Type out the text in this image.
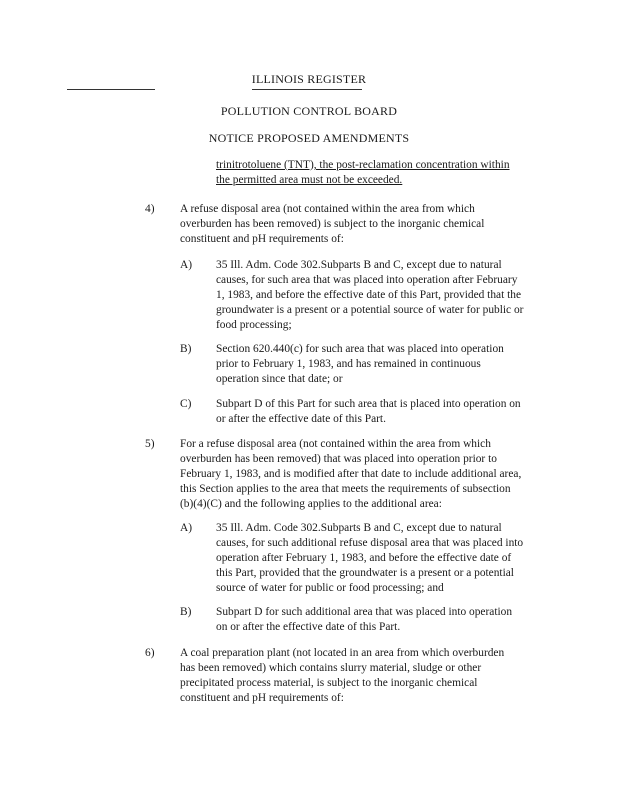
ILLINOIS REGISTER
POLLUTION CONTROL BOARD
NOTICE PROPOSED AMENDMENTS
trinitrotoluene (TNT), the post-reclamation concentration within
the permitted area must not be exceeded.
4) A refuse disposal area (not contained within the area from which
overburden has been removed) is subject to the inorganic chemical
constituent and pH requirements of:
A) 35 Ill. Adm. Code 302.Subparts B and C, except due to natural
causes, for such area that was placed into operation after February
1, 1983, and before the effective date of this Part, provided that the
groundwater is a present or a potential source of water for public or
food processing;
B) Section 620.440(c) for such area that was placed into operation
prior to February 1, 1983, and has remained in continuous
operation since that date; or
C) Subpart D of this Part for such area that is placed into operation on
or after the effective date of this Part.
5) For a refuse disposal area (not contained within the area from which
overburden has been removed) that was placed into operation prior to
February 1, 1983, and is modified after that date to include additional area,
this Section applies to the area that meets the requirements of subsection
(b)(4)(C) and the following applies to the additional area:
A) 35 Ill. Adm. Code 302.Subparts B and C, except due to natural
causes, for such additional refuse disposal area that was placed into
operation after February 1, 1983, and before the effective date of
this Part, provided that the groundwater is a present or a potential
source of water for public or food processing; and
B) Subpart D for such additional area that was placed into operation
on or after the effective date of this Part.
6) A coal preparation plant (not located in an area from which overburden
has been removed) which contains slurry material, sludge or other
precipitated process material, is subject to the inorganic chemical
constituent and pH requirements of:
